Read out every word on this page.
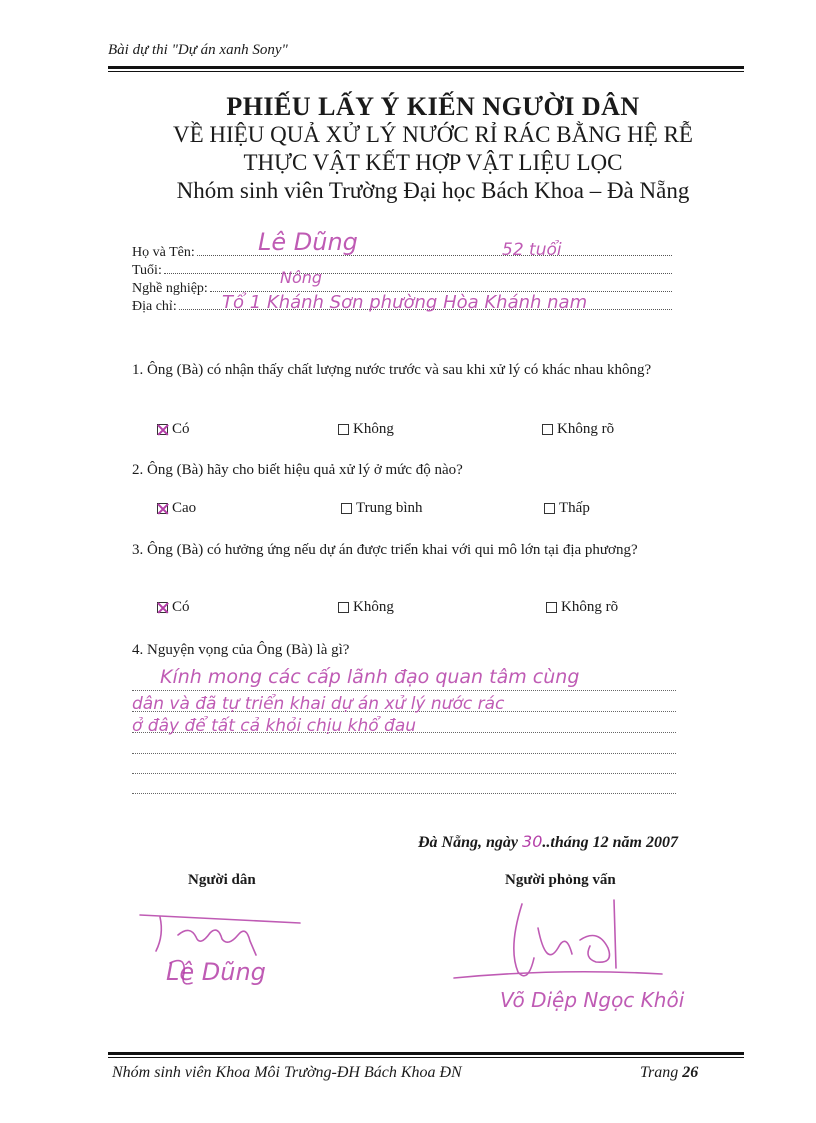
Bài dự thi "Dự án xanh Sony"
PHIẾU LẤY Ý KIẾN NGƯỜI DÂN
VỀ HIỆU QUẢ XỬ LÝ NƯỚC RỈ RÁC BẰNG HỆ RỄ
THỰC VẬT KẾT HỢP VẬT LIỆU LỌC
Nhóm sinh viên Trường Đại học Bách Khoa – Đà Nẵng
Họ và Tên:	Lê Dũng
Tuổi:
52 tuổi
Nghề nghiệp:
Nông
Địa chỉ:	Tổ 1 Khánh Sơn phường Hòa Khánh nam
1. Ông (Bà) có nhận thấy chất lượng nước trước và sau khi xử lý có khác nhau không?
Có	Không	Không rõ
2. Ông (Bà) hãy cho biết hiệu quả xử lý ở mức độ nào?
Cao	Trung bình	Thấp
3. Ông (Bà) có hưởng ứng nếu dự án được triển khai với qui mô lớn tại địa phương?
Có	Không	Không rõ
4. Nguyện vọng của Ông (Bà) là gì?
Kính mong các cấp lãnh đạo quan tâm cùng
dân và đã tự triển khai dự án xử lý nước rác
ở đây để tất cả khỏi chịu khổ đau
Đà Nẵng, ngày 30..tháng 12 năm 2007
Người dân	Người phỏng vấn
Lê Dũng
Võ Diệp Ngọc Khôi
Nhóm sinh viên Khoa Môi Trường-ĐH Bách Khoa ĐN	Trang 26
